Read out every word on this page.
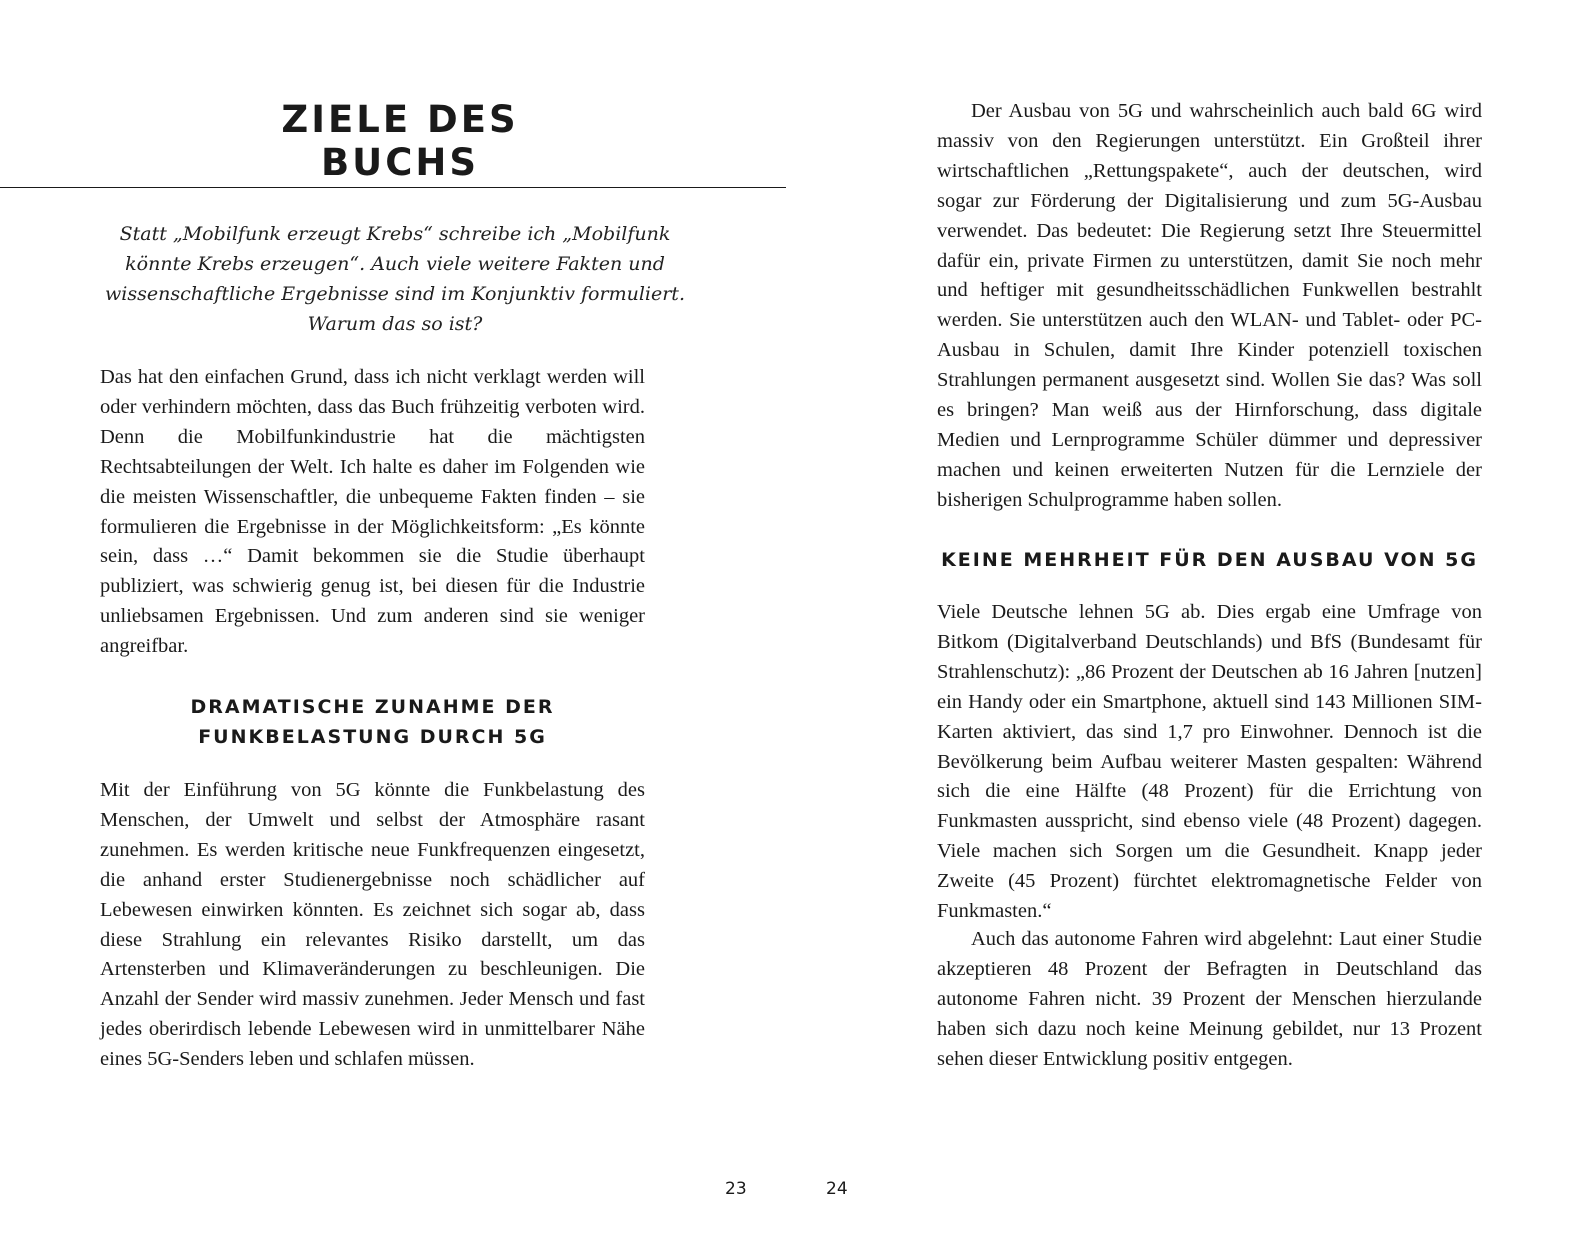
ZIELE DES BUCHS

Statt „Mobilfunk erzeugt Krebs“ schreibe ich „Mobilfunk könnte Krebs erzeugen“. Auch viele weitere Fakten und wissenschaftliche Ergebnisse sind im Konjunktiv formuliert. Warum das so ist?

Das hat den einfachen Grund, dass ich nicht verklagt werden will oder verhindern möchten, dass das Buch frühzeitig verboten wird. Denn die Mobilfunkindustrie hat die mächtigsten Rechtsabteilungen der Welt. Ich halte es daher im Folgenden wie die meisten Wissenschaftler, die unbequeme Fakten finden – sie formulieren die Ergebnisse in der Möglichkeitsform: „Es könnte sein, dass …“ Damit bekommen sie die Studie überhaupt publiziert, was schwierig genug ist, bei diesen für die Industrie unliebsamen Ergebnissen. Und zum anderen sind sie weniger angreifbar.

DRAMATISCHE ZUNAHME DER
FUNKBELASTUNG DURCH 5G

Mit der Einführung von 5G könnte die Funkbelastung des Menschen, der Umwelt und selbst der Atmosphäre rasant zunehmen. Es werden kritische neue Funkfrequenzen eingesetzt, die anhand erster Studienergebnisse noch schädlicher auf Lebewesen einwirken könnten. Es zeichnet sich sogar ab, dass diese Strahlung ein relevantes Risiko darstellt, um das Artensterben und Klimaveränderungen zu beschleunigen. Die Anzahl der Sender wird massiv zunehmen. Jeder Mensch und fast jedes oberirdisch lebende Lebewesen wird in unmittelbarer Nähe eines 5G-Senders leben und schlafen müssen.

23

Der Ausbau von 5G und wahrscheinlich auch bald 6G wird massiv von den Regierungen unterstützt. Ein Großteil ihrer wirtschaftlichen „Rettungspakete“, auch der deutschen, wird sogar zur Förderung der Digitalisierung und zum 5G-Ausbau verwendet. Das bedeutet: Die Regierung setzt Ihre Steuermittel dafür ein, private Firmen zu unterstützen, damit Sie noch mehr und heftiger mit gesundheitsschädlichen Funkwellen bestrahlt werden. Sie unterstützen auch den WLAN- und Tablet- oder PC-Ausbau in Schulen, damit Ihre Kinder potenziell toxischen Strahlungen permanent ausgesetzt sind. Wollen Sie das? Was soll es bringen? Man weiß aus der Hirnforschung, dass digitale Medien und Lernprogramme Schüler dümmer und depressiver machen und keinen erweiterten Nutzen für die Lernziele der bisherigen Schulprogramme haben sollen.

KEINE MEHRHEIT FÜR DEN AUSBAU VON 5G

Viele Deutsche lehnen 5G ab. Dies ergab eine Umfrage von Bitkom (Digitalverband Deutschlands) und BfS (Bundesamt für Strahlenschutz): „86 Prozent der Deutschen ab 16 Jahren [nutzen] ein Handy oder ein Smartphone, aktuell sind 143 Millionen SIM-Karten aktiviert, das sind 1,7 pro Einwohner. Dennoch ist die Bevölkerung beim Aufbau weiterer Masten gespalten: Während sich die eine Hälfte (48 Prozent) für die Errichtung von Funkmasten ausspricht, sind ebenso viele (48 Prozent) dagegen. Viele machen sich Sorgen um die Gesundheit. Knapp jeder Zweite (45 Prozent) fürchtet elektromagnetische Felder von Funkmasten.“

Auch das autonome Fahren wird abgelehnt: Laut einer Studie akzeptieren 48 Prozent der Befragten in Deutschland das autonome Fahren nicht. 39 Prozent der Menschen hierzulande haben sich dazu noch keine Meinung gebildet, nur 13 Prozent sehen dieser Entwicklung positiv entgegen.

24
